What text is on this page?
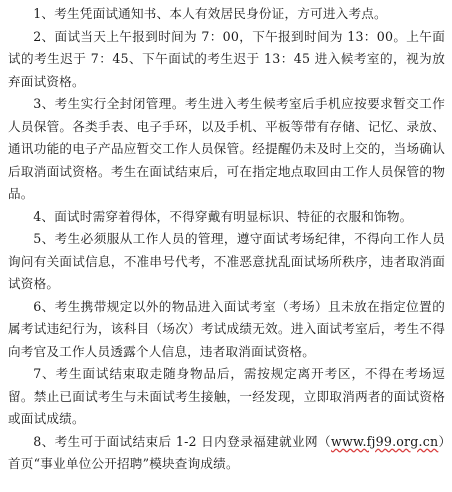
1、考生凭面试通知书、本人有效居民身份证，方可进入考点。

2、面试当天上午报到时间为 7：00，下午报到时间为 13：00。上午面试的考生迟于 7：45、下午面试的考生迟于 13：45 进入候考室的，视为放弃面试资格。

3、考生实行全封闭管理。考生进入考生候考室后手机应按要求暂交工作人员保管。各类手表、电子手环，以及手机、平板等带有存储、记忆、录放、通讯功能的电子产品应暂交工作人员保管。经提醒仍未及时上交的，当场确认后取消面试资格。考生在面试结束后，可在指定地点取回由工作人员保管的物品。

4、面试时需穿着得体，不得穿戴有明显标识、特征的衣服和饰物。

5、考生必须服从工作人员的管理，遵守面试考场纪律，不得向工作人员询问有关面试信息，不准串号代考，不准恶意扰乱面试场所秩序，违者取消面试资格。

6、考生携带规定以外的物品进入面试考室（考场）且未放在指定位置的属考试违纪行为，该科目（场次）考试成绩无效。进入面试考室后，考生不得向考官及工作人员透露个人信息，违者取消面试资格。

7、考生面试结束取走随身物品后，需按规定离开考区，不得在考场逗留。禁止已面试考生与未面试考生接触，一经发现，立即取消两者的面试资格或面试成绩。

8、考生可于面试结束后 1-2 日内登录福建就业网（www.fj99.org.cn）首页“事业单位公开招聘”模块查询成绩。
